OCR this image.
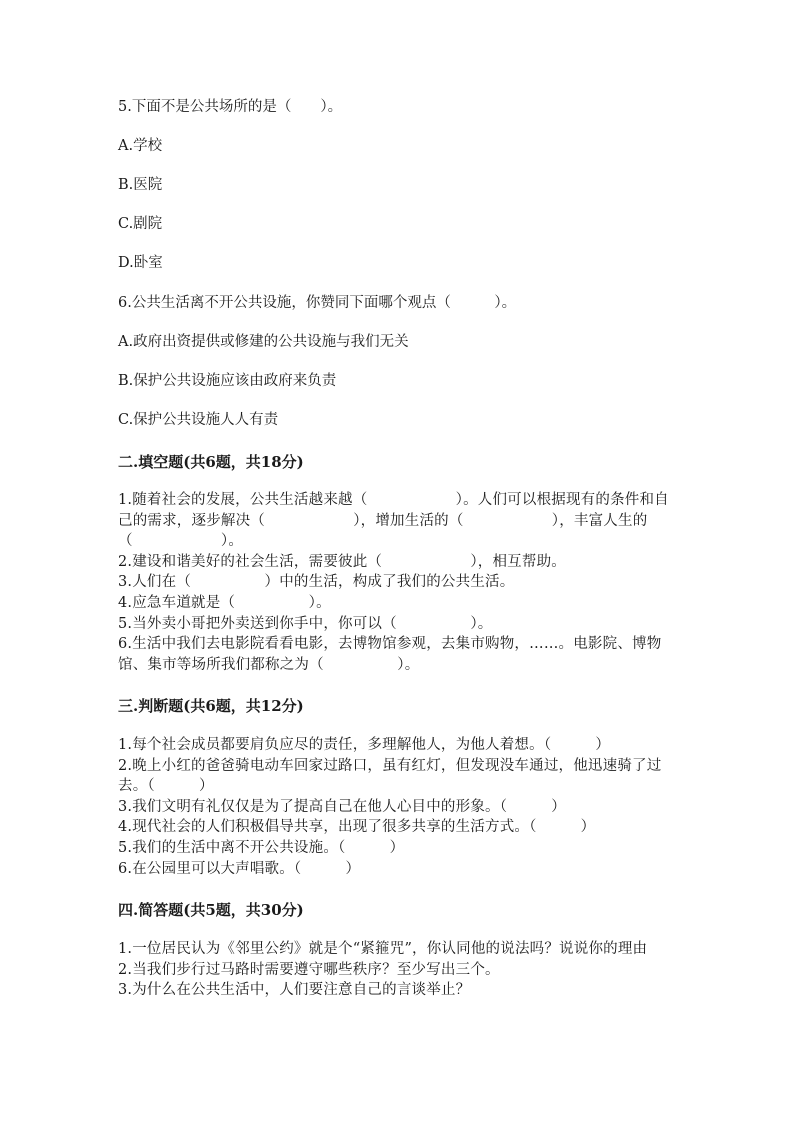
5.下面不是公共场所的是（　　）。
A.学校
B.医院
C.剧院
D.卧室
6.公共生活离不开公共设施，你赞同下面哪个观点（　　　）。
A.政府出资提供或修建的公共设施与我们无关
B.保护公共设施应该由政府来负责
C.保护公共设施人人有责
二.填空题(共6题，共18分)
1.随着社会的发展，公共生活越来越（　　　　　　）。人们可以根据现有的条件和自己的需求，逐步解决（　　　　　　），增加生活的（　　　　　　），丰富人生的（　　　　　　）。
2.建设和谐美好的社会生活，需要彼此（　　　　　　），相互帮助。
3.人们在（　　　　　）中的生活，构成了我们的公共生活。
4.应急车道就是（　　　　　）。
5.当外卖小哥把外卖送到你手中，你可以（　　　　　）。
6.生活中我们去电影院看看电影，去博物馆参观，去集市购物，……。电影院、博物馆、集市等场所我们都称之为（　　　　　）。
三.判断题(共6题，共12分)
1.每个社会成员都要肩负应尽的责任，多理解他人，为他人着想。（　　　）
2.晚上小红的爸爸骑电动车回家过路口，虽有红灯，但发现没车通过，他迅速骑了过去。（　　　）
3.我们文明有礼仅仅是为了提高自己在他人心目中的形象。（　　　）
4.现代社会的人们积极倡导共享，出现了很多共享的生活方式。（　　　）
5.我们的生活中离不开公共设施。（　　　）
6.在公园里可以大声唱歌。（　　　）
四.简答题(共5题，共30分)
1.一位居民认为《邻里公约》就是个“紧箍咒”，你认同他的说法吗？说说你的理由
2.当我们步行过马路时需要遵守哪些秩序？至少写出三个。
3.为什么在公共生活中，人们要注意自己的言谈举止？
